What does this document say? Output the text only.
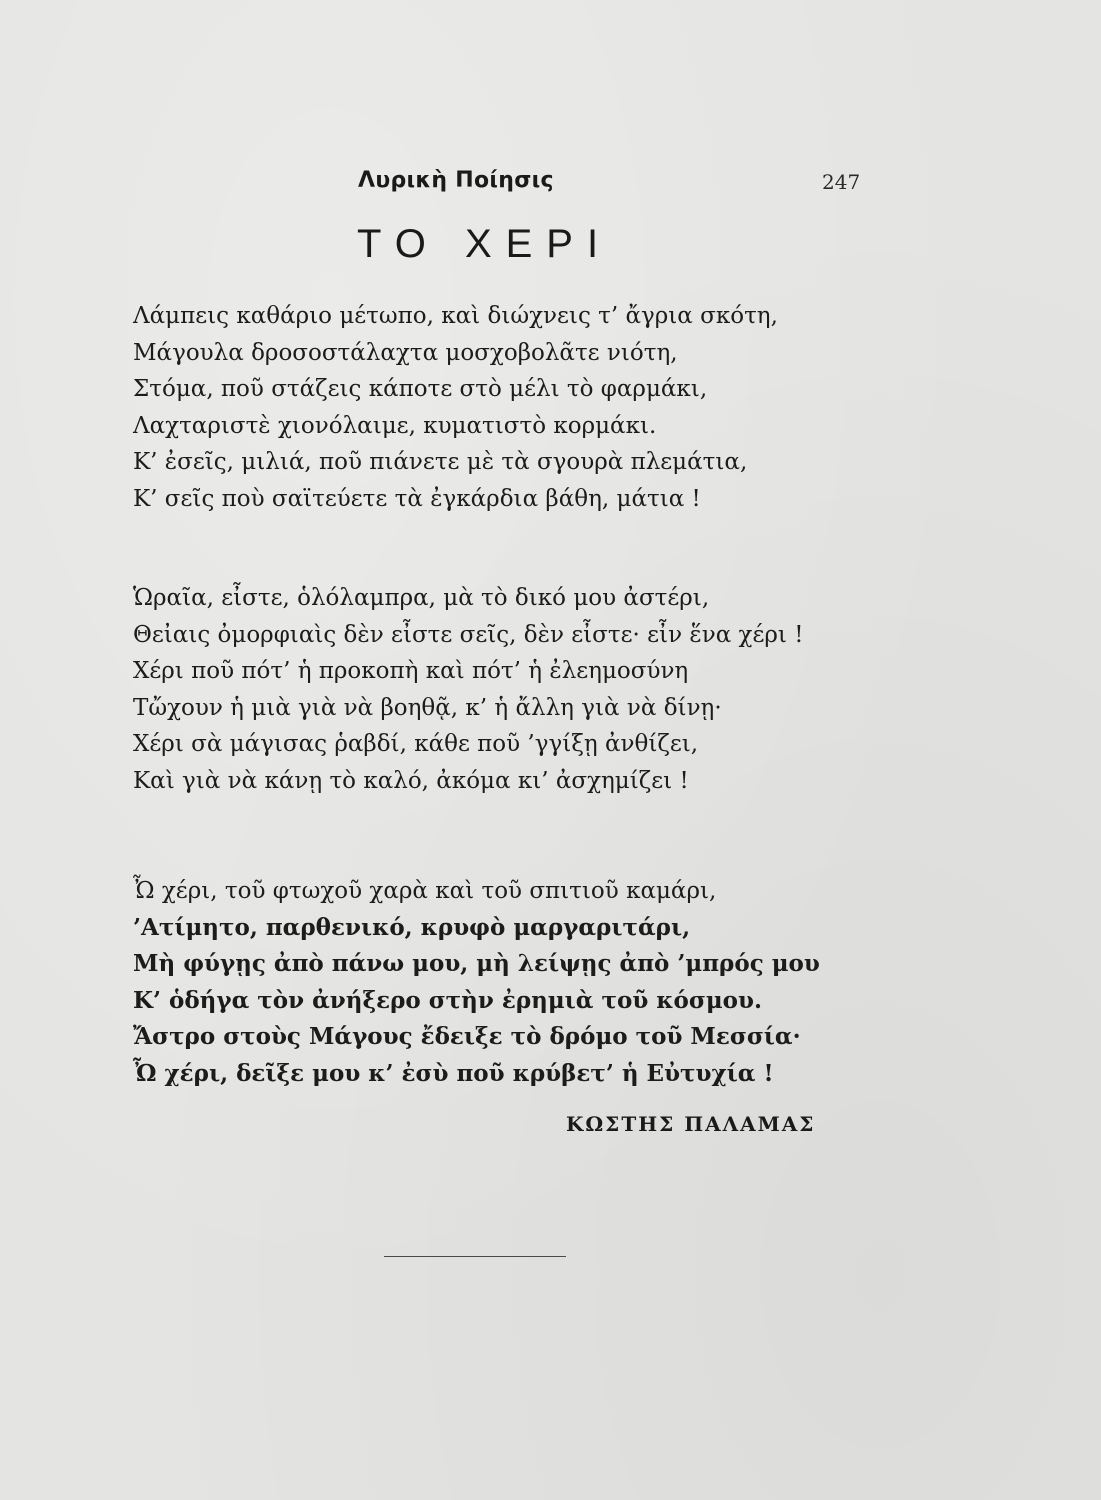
Λυρικὴ Ποίησις	247
ΤΟ ΧΕΡΙ
Λάμπεις καθάριο μέτωπο, καὶ διώχνεις τ’ ἄγρια σκότη,
Μάγουλα δροσοστάλαχτα μοσχοβολᾶτε νιότη,
Στόμα, ποῦ στάζεις κάποτε στὸ μέλι τὸ φαρμάκι,
Λαχταριστὲ χιονόλαιμε, κυματιστὸ κορμάκι.
Κ’ ἐσεῖς, μιλιά, ποῦ πιάνετε μὲ τὰ σγουρὰ πλεμάτια,
Κ’ σεῖς ποὺ σαϊτεύετε τὰ ἐγκάρδια βάθη, μάτια !
Ὡραῖα, εἶστε, ὁλόλαμπρα, μὰ τὸ δικό μου ἀστέρι,
Θεἰαις ὀμορφιαὶς δὲν εἶστε σεῖς, δὲν εἶστε· εἶν ἕνα χέρι !
Χέρι ποῦ πότ’ ἡ προκοπὴ καὶ πότ’ ἡ ἐλεημοσύνη
Τὤχουν ἡ μιὰ γιὰ νὰ βοηθᾷ, κ’ ἡ ἄλλη γιὰ νὰ δίνῃ·
Χέρι σὰ μάγισας ῥαβδί, κάθε ποῦ ’γγίξῃ ἀνθίζει,
Καὶ γιὰ νὰ κάνῃ τὸ καλό, ἀκόμα κι’ ἀσχημίζει !
Ὦ χέρι, τοῦ φτωχοῦ χαρὰ καὶ τοῦ σπιτιοῦ καμάρι,
’Ατίμητο, παρθενικό, κρυφὸ μαργαριτάρι,
Μὴ φύγῃς ἀπὸ πάνω μου, μὴ λείψῃς ἀπὸ ’μπρός μου
Κ’ ὁδήγα τὸν ἀνήξερο στὴν ἐρημιὰ τοῦ κόσμου.
Ἄστρο στοὺς Μάγους ἔδειξε τὸ δρόμο τοῦ Μεσσία·
Ὦ χέρι, δεῖξε μου κ’ ἐσὺ ποῦ κρύβετ’ ἡ Εὐτυχία !
ΚΩΣΤΗΣ ΠΑΛΑΜΑΣ
